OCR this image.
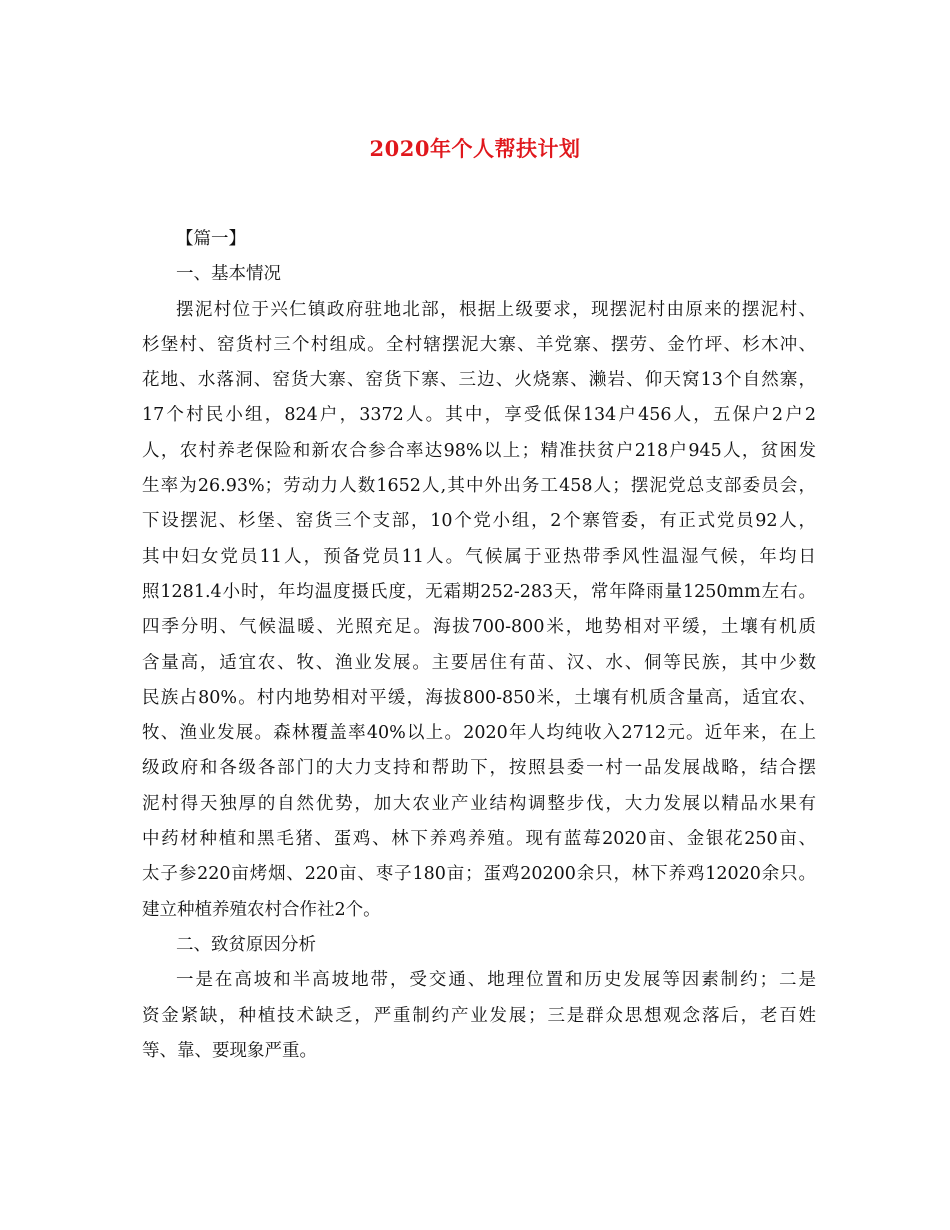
2020年个人帮扶计划
【篇一】
一、基本情况
摆泥村位于兴仁镇政府驻地北部，根据上级要求，现摆泥村由原来的摆泥村、
杉堡村、窑货村三个村组成。全村辖摆泥大寨、羊党寨、摆劳、金竹坪、杉木冲、
花地、水落洞、窑货大寨、窑货下寨、三边、火烧寨、濑岩、仰天窝13个自然寨，
17个村民小组，824户，3372人。其中，享受低保134户456人，五保户2户2
人，农村养老保险和新农合参合率达98%以上；精准扶贫户218户945人，贫困发
生率为26.93%；劳动力人数1652人,其中外出务工458人；摆泥党总支部委员会，
下设摆泥、杉堡、窑货三个支部，10个党小组，2个寨管委，有正式党员92人，
其中妇女党员11人，预备党员11人。气候属于亚热带季风性温湿气候，年均日
照1281.4小时，年均温度摄氏度，无霜期252-283天，常年降雨量1250mm左右。
四季分明、气候温暖、光照充足。海拔700-800米，地势相对平缓，土壤有机质
含量高，适宜农、牧、渔业发展。主要居住有苗、汉、水、侗等民族，其中少数
民族占80%。村内地势相对平缓，海拔800-850米，土壤有机质含量高，适宜农、
牧、渔业发展。森林覆盖率40%以上。2020年人均纯收入2712元。近年来，在上
级政府和各级各部门的大力支持和帮助下，按照县委一村一品发展战略，结合摆
泥村得天独厚的自然优势，加大农业产业结构调整步伐，大力发展以精品水果有
中药材种植和黑毛猪、蛋鸡、林下养鸡养殖。现有蓝莓2020亩、金银花250亩、
太子参220亩烤烟、220亩、枣子180亩；蛋鸡20200余只，林下养鸡12020余只。
建立种植养殖农村合作社2个。
二、致贫原因分析
一是在高坡和半高坡地带，受交通、地理位置和历史发展等因素制约；二是
资金紧缺，种植技术缺乏，严重制约产业发展；三是群众思想观念落后，老百姓
等、靠、要现象严重。
